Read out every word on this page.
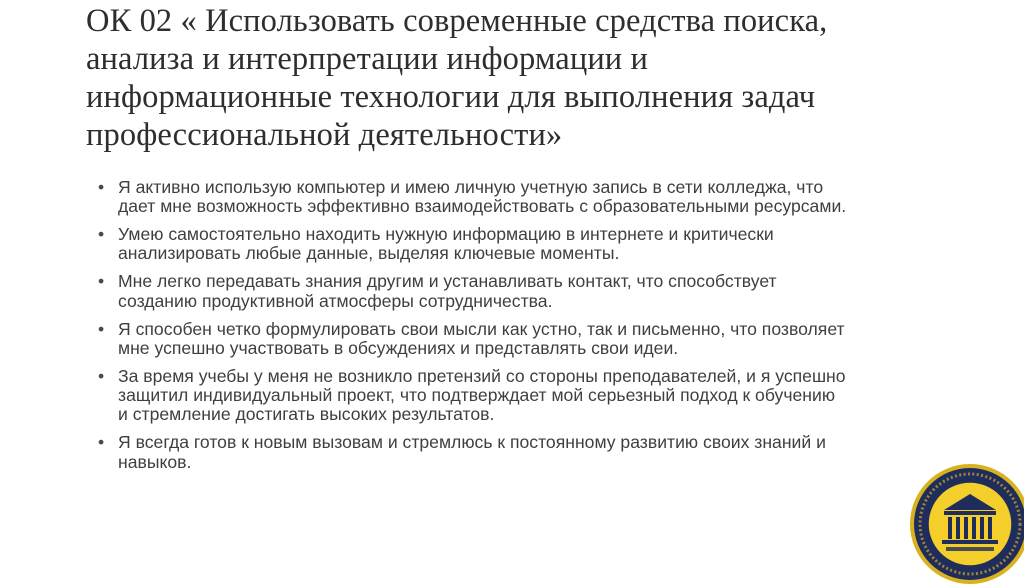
ОК 02 « Использовать современные средства поиска,
анализа и интерпретации информации и
информационные технологии для выполнения задач
профессиональной деятельности»
• Я активно использую компьютер и имею личную учетную запись в сети колледжа, что
дает мне возможность эффективно взаимодействовать с образовательными ресурсами.
• Умею самостоятельно находить нужную информацию в интернете и критически
анализировать любые данные, выделяя ключевые моменты.
• Мне легко передавать знания другим и устанавливать контакт, что способствует
созданию продуктивной атмосферы сотрудничества.
• Я способен четко формулировать свои мысли как устно, так и письменно, что позволяет
мне успешно участвовать в обсуждениях и представлять свои идеи.
• За время учебы у меня не возникло претензий со стороны преподавателей, и я успешно
защитил индивидуальный проект, что подтверждает мой серьезный подход к обучению
и стремление достигать высоких результатов.
• Я всегда готов к новым вызовам и стремлюсь к постоянному развитию своих знаний и
навыков.
